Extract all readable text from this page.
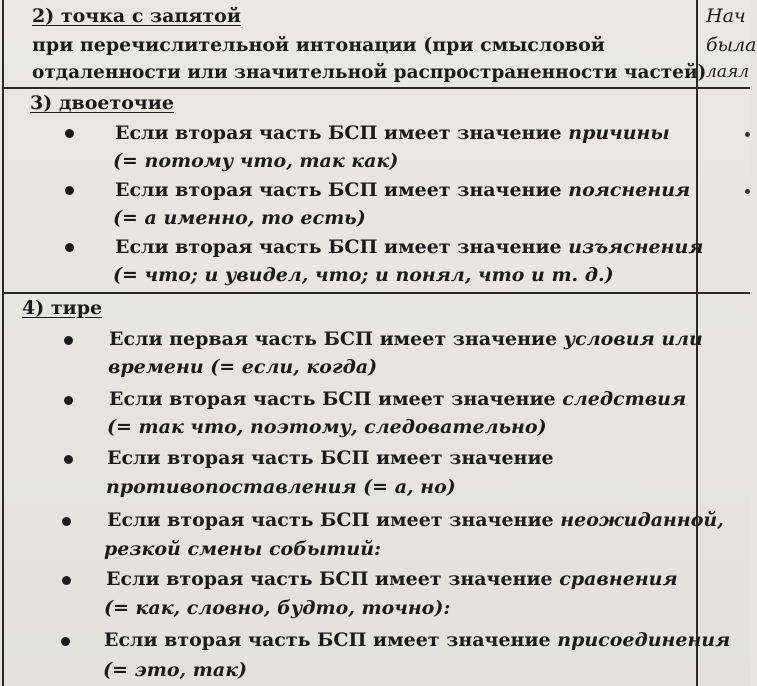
2) точка с запятой
при перечислительной интонации (при смысловой
отдаленности или значительной распространенности частей)
3) двоеточие
Если вторая часть БСП имеет значение причины
(= потому что, так как)
Если вторая часть БСП имеет значение пояснения
(= а именно, то есть)
Если вторая часть БСП имеет значение изъяснения
(= что; и увидел, что; и понял, что и т. д.)
4) тире
Если первая часть БСП имеет значение условия или
времени (= если, когда)
Если вторая часть БСП имеет значение следствия
(= так что, поэтому, следовательно)
Если вторая часть БСП имеет значение
противопоставления (= а, но)
Если вторая часть БСП имеет значение неожиданной,
резкой смены событий:
Если вторая часть БСП имеет значение сравнения
(= как, словно, будто, точно):
Если вторая часть БСП имеет значение присоединения
(= это, так)
Нач
была
лаял
